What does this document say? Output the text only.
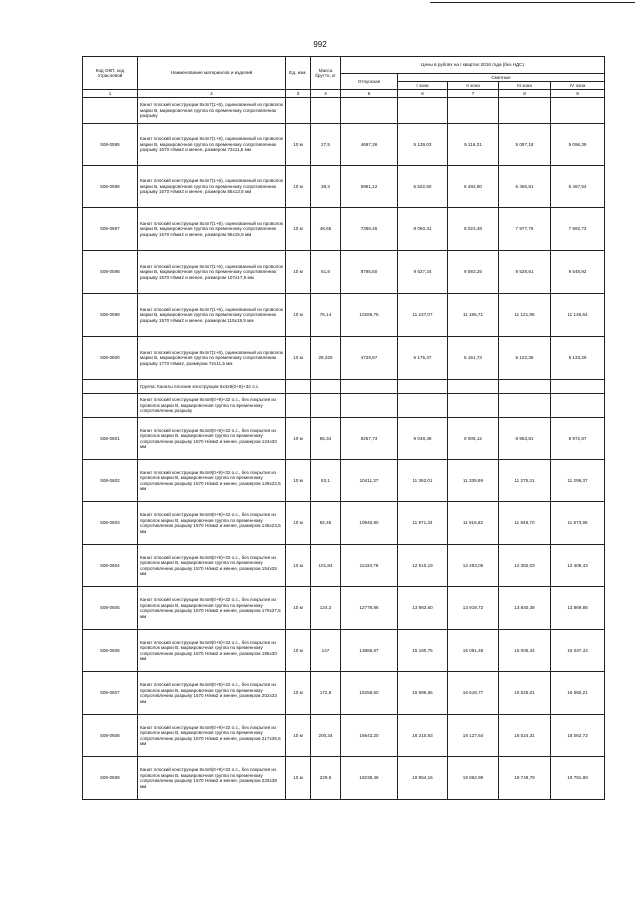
992
Код ОКП, код отраслевой	Наименование материалов и изделий	Ед. изм.	Масса брутто, кг	Цены в рублях на I квартал 2016 года (без НДС)				
				Отпускная	Сметные			
					I зона	II зона	III зона	IV зона
1	2	3	4	5	6	7	8	9
	Канат плоский конструкции 8х4х7(1+6), оцинкованный из проволок марки В, маркировочная группа по временному сопротивлению разрыву							
508-0595	Канат плоский конструкции 8х4х7(1+6), оцинкованный из проволок марки В, маркировочная группа по временному сопротивлению разрыву 1570 Н/мм2 и менее, размером 72х11,5 мм	10 м	27,5	4697,36	5 139,03	5 116,31	5 087,18	5 096,39
508-0596	Канат плоский конструкции 8х4х7(1+6), оцинкованный из проволок марки В, маркировочная группа по временному сопротивлению разрыву 1570 Н/мм2 и менее, размером 85х13,5 мм	10 м	38,3	5961,12	6 522,60	6 492,80	6 455,81	6 467,54
508-0597	Канат плоский конструкции 8х4х7(1+6), оцинкованный из проволок марки В, маркировочная группа по временному сопротивлению разрыву 1570 Н/мм2 и менее, размером 95х15,5 мм	10 м	48,65	7366,45	8 060,31	8 023,48	7 977,75	7 992,72
508-0598	Канат плоский конструкции 8х4х7(1+6), оцинкованный из проволок марки В, маркировочная группа по временному сопротивлению разрыву 1570 Н/мм2 и менее, размером 107х17,5 мм	10 м	61,8	8795,50	9 627,24	9 583,25	9 528,61	9 548,92
508-0599	Канат плоский конструкции 8х4х7(1+6), оцинкованный из проволок марки В, маркировочная группа по временному сопротивлению разрыву 1570 Н/мм2 и менее, размером 115х19,5 мм	10 м	76,14	10269,75	11 237,07	11 185,71	11 121,96	11 146,64
508-0600	Канат плоский конструкции 8х4х7(1+6), оцинкованный из проволок марки В, маркировочная группа по временному сопротивлению разрыву 1770 Н/мм2, размером 72х11,5 мм	10 м	28,325	4729,87	5 175,37	5 151,73	5 122,35	5 133,29
	Группа: Канаты плоские конструкции 8х4х9(0+9)+32 о.с.							
	Канат плоский конструкции 8х4х9(0+9)+32 о.с., без покрытия из проволок марки В, маркировочная группа по временному сопротивлению разрыву							
508-0601	Канат плоский конструкции 8х4х9(0+9)+32 о.с., без покрытия из проволок марки В, маркировочная группа по временному сопротивлению разрыву 1570 Н/мм2 и менее, размером 124х20 мм	10 м	55,34	8267,73	9 048,49	9 005,12	8 953,81	8 972,87
508-0602	Канат плоский конструкции 8х4х9(0+9)+32 о.с., без покрытия из проволок марки В, маркировочная группа по временному сопротивлению разрыву 1570 Н/мм2 и менее, размером 139х22,5 мм	10 м	63,1	10411,37	11 392,01	11 339,99	11 275,31	11 299,37
508-0603	Канат плоский конструкции 8х4х9(0+9)+32 о.с., без покрытия из проволок марки В, маркировочная группа по временному сопротивлению разрыву 1570 Н/мм2 и менее, размером 145х23,5 мм	10 м	92,45	10940,80	11 971,34	11 916,62	11 848,70	11 873,86
508-0604	Канат плоский конструкции 8х4х9(0+9)+32 о.с., без покрытия из проволок марки В, маркировочная группа по временному сопротивлению разрыву 1570 Н/мм2 и менее, размером 154х25 мм	10 м	101,84	11433,78	12 510,19	12 453,05	12 382,03	12 408,43
508-0605	Канат плоский конструкции 8х4х9(0+9)+32 о.с., без покрытия из проволок марки В, маркировочная группа по временному сопротивлению разрыву 1570 Н/мм2 и менее, размером 170х27,5 мм	10 м	124,2	12779,86	13 983,60	13 919,72	13 840,38	13 869,86
508-0606	Канат плоский конструкции 8х4х9(0+9)+32 о.с., без покрытия из проволок марки В, маркировочная группа по временному сопротивлению разрыву 1570 Н/мм2 и менее, размером 186х30 мм	10 м	147	13865,67	15 160,75	15 091,48	15 005,44	15 037,44
508-0607	Канат плоский конструкции 8х4х9(0+9)+32 о.с., без покрытия из проволок марки В, маркировочная группа по временному сопротивлению разрыву 1570 Н/мм2 и менее, размером 202х33 мм	10 м	172,8	15258,60	16 696,65	16 619,77	16 525,01	16 560,21
508-0608	Канат плоский конструкции 8х4х9(0+9)+32 о.с., без покрытия из проволок марки В, маркировочная группа по временному сопротивлению разрыву 1570 Н/мм2 и менее, размером 217х35,5 мм	10 м	200,34	16643,20	18 210,83	18 127,64	18 024,31	18 062,72
508-0609	Канат плоский конструкции 8х4х9(0+9)+32 о.с., без покрытия из проволок марки В, маркировочная группа по временному сопротивлению разрыву 1570 Н/мм2 и менее, размером 233х38 мм	10 м	229,6	18238,46	19 954,16	19 862,98	19 749,79	19 791,88
